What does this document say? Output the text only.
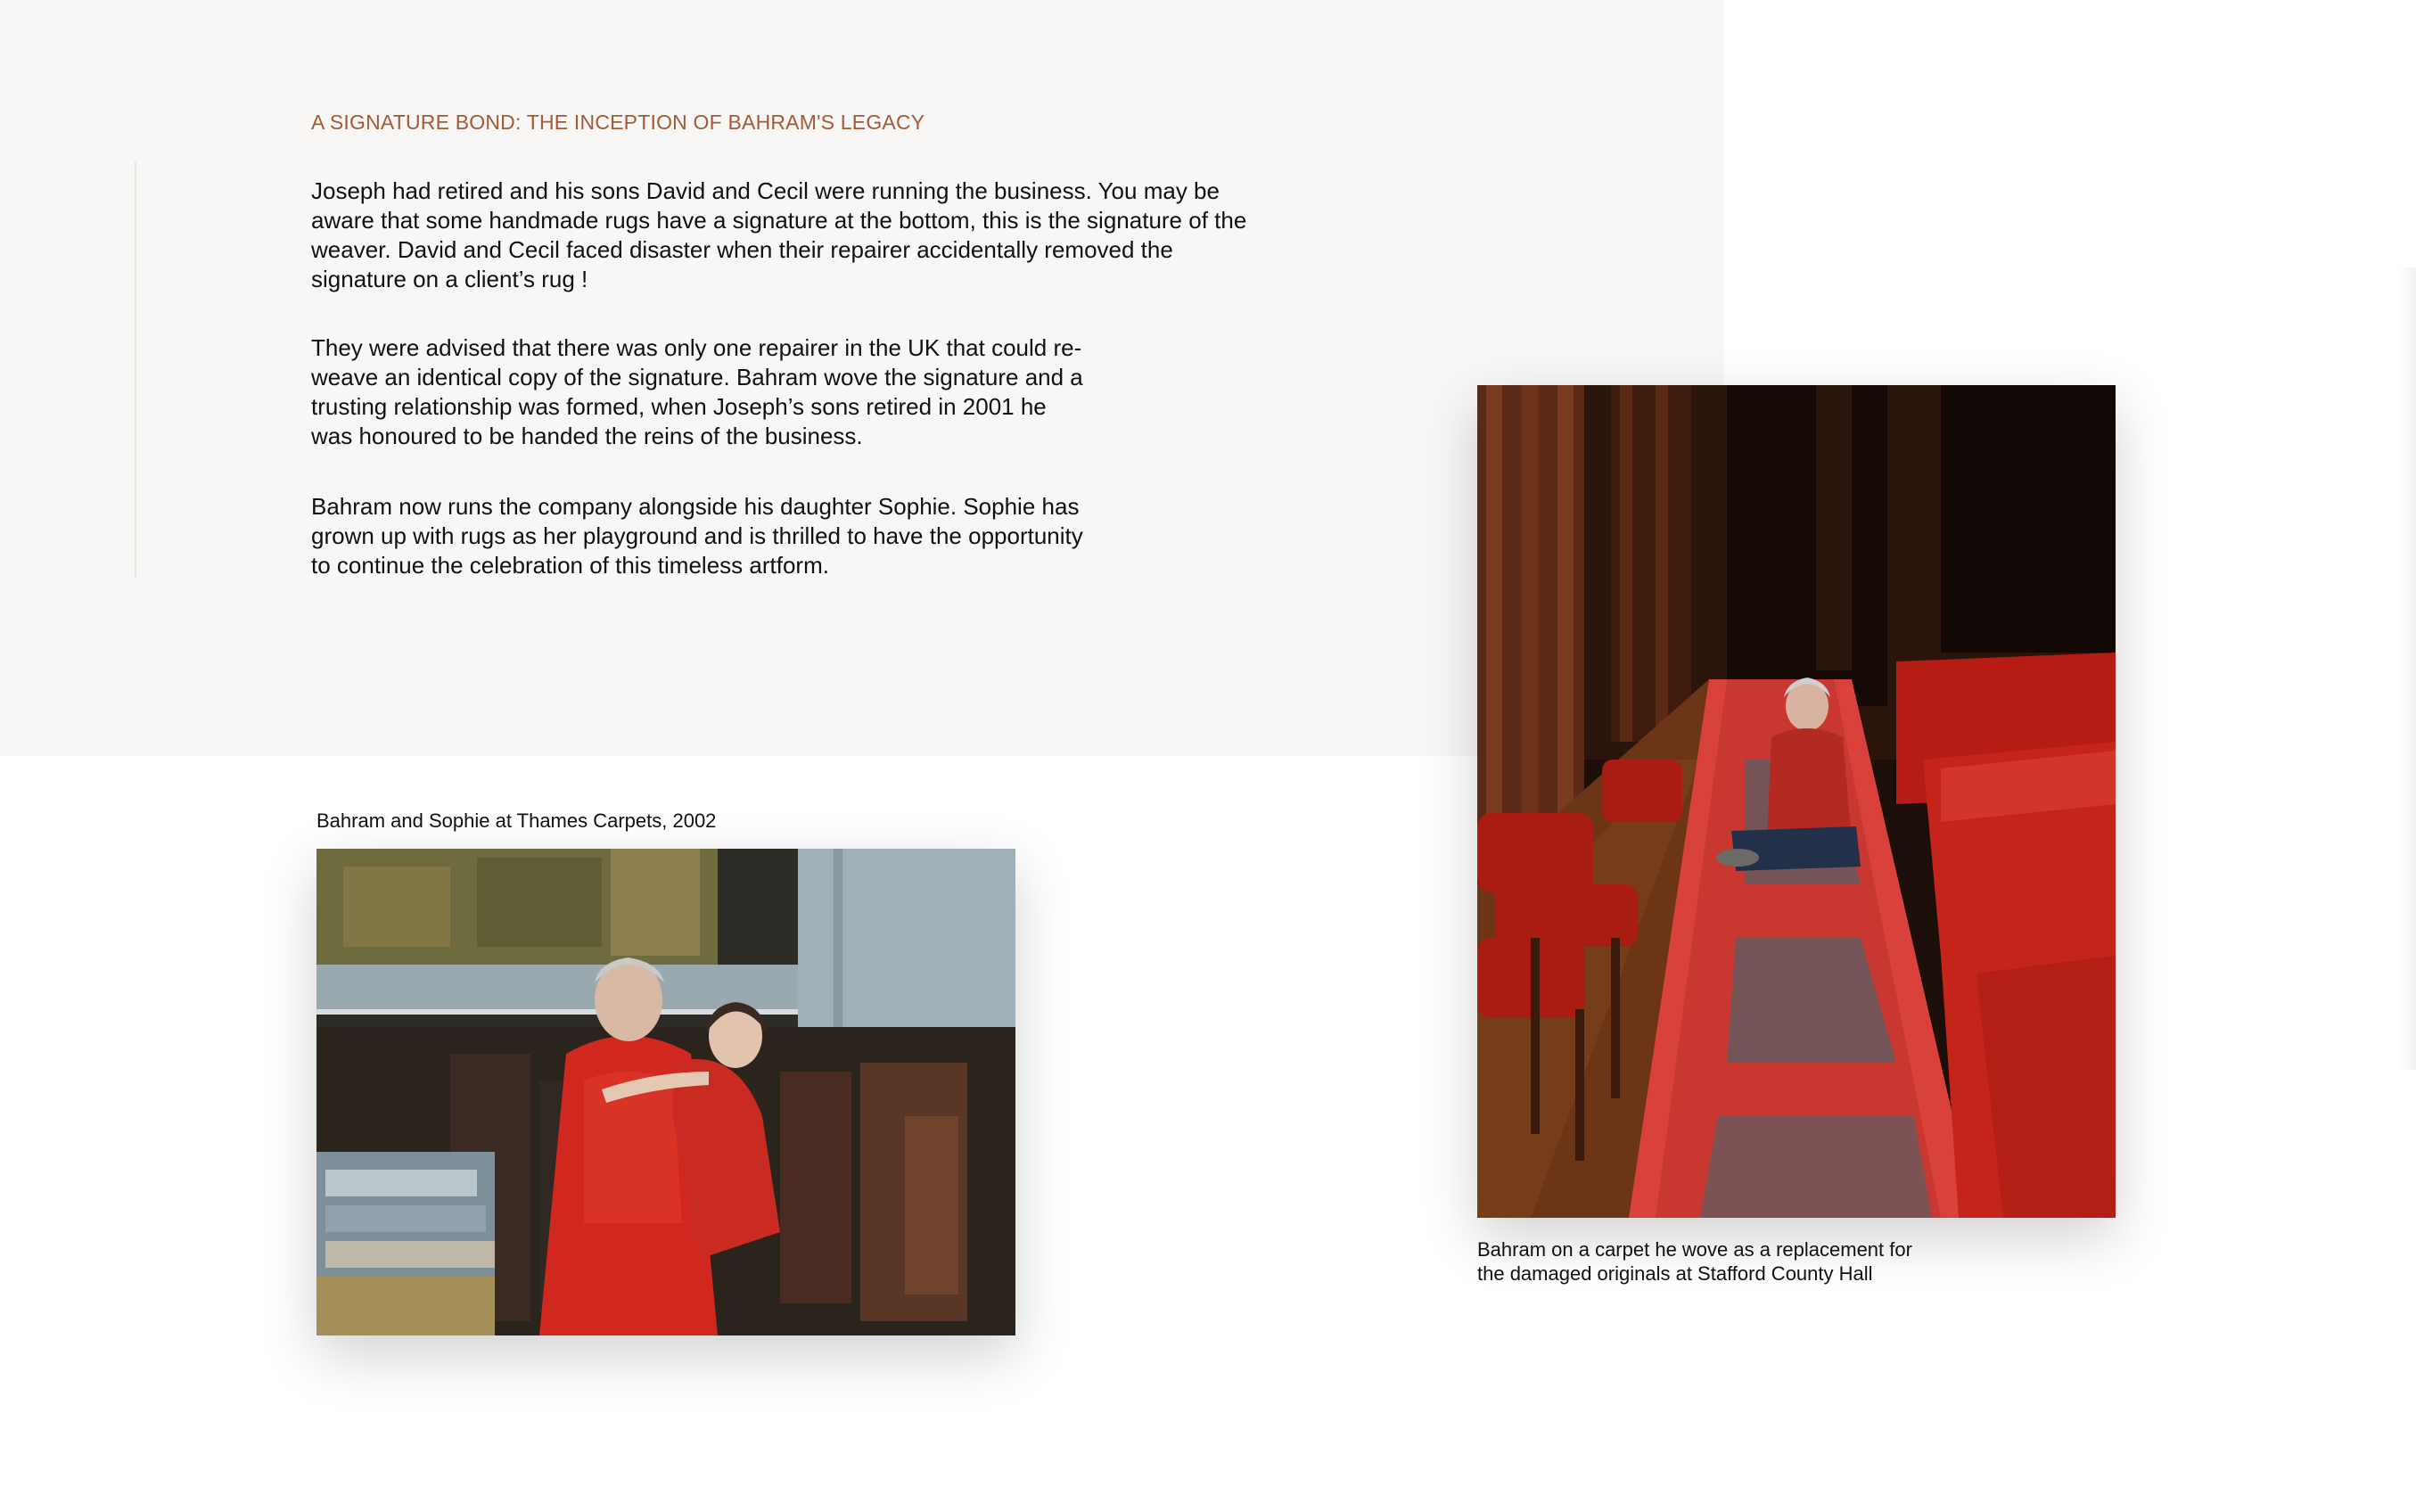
A SIGNATURE BOND: THE INCEPTION OF BAHRAM'S LEGACY

Joseph had retired and his sons David and Cecil were running the business. You may be aware that some handmade rugs have a signature at the bottom, this is the signature of the weaver. David and Cecil faced disaster when their repairer accidentally removed the signature on a client’s rug !

They were advised that there was only one repairer in the UK that could re-weave an identical copy of the signature. Bahram wove the signature and a trusting relationship was formed, when Joseph’s sons retired in 2001 he was honoured to be handed the reins of the business.

Bahram now runs the company alongside his daughter Sophie. Sophie has grown up with rugs as her playground and is thrilled to have the opportunity to continue the celebration of this timeless artform.

Bahram and Sophie at Thames Carpets, 2002

Bahram on a carpet he wove as a replacement for the damaged originals at Stafford County Hall
